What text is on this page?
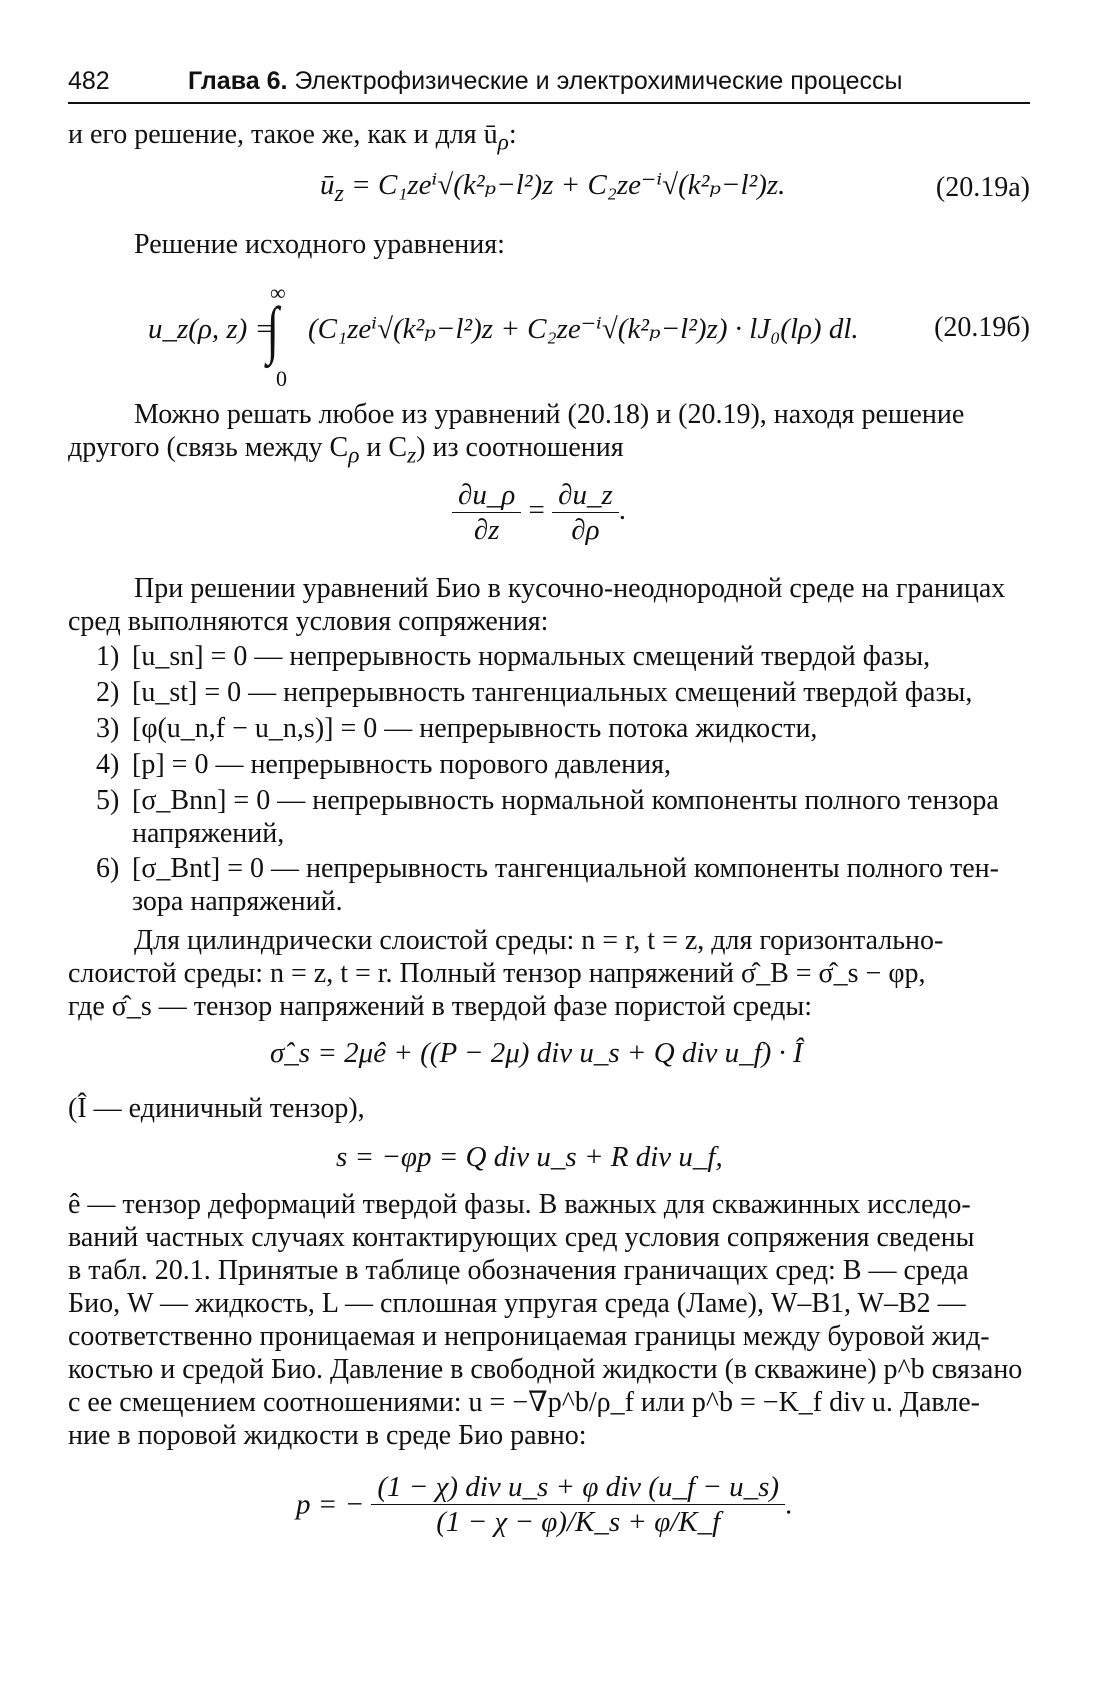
482	Глава 6. Электрофизические и электрохимические процессы
и его решение, такое же, как и для $ū_\rho$:
$ū_z = C_1ze^i√(k^2_p-l^2)z + C_2ze^{-i}√(k^2_p-l^2)z$.	(20.19а)
Решение исходного уравнения:
u_z(ρ, z) =
∞
∫
0
(C₁zeⁱ√(k²ₚ−l²)z + C₂ze⁻ⁱ√(k²ₚ−l²)z) · lJ₀(lρ) dl.	(20.19б)
Можно решать любое из уравнений (20.18) и (20.19), находя решение
другого (связь между $C_\rho$ и $C_z$) из соотношения
$\frac{\partial u\_\rho}{\partial z} = \frac{\partial u\_z}{\partial\rho}$ .
При решении уравнений Био в кусочно-неоднородной среде на границах
сред выполняются условия сопряжения:
1) [u_sn] = 0 — непрерывность нормальных смещений твердой фазы,
2) [u_st] = 0 — непрерывность тангенциальных смещений твердой фазы,
3) [φ(u_n,f − u_n,s)] = 0 — непрерывность потока жидкости,
4) [p] = 0 — непрерывность порового давления,
5) [σ_Bnn] = 0 — непрерывность нормальной компоненты полного тензора
напряжений,
6) [σ_Bnt] = 0 — непрерывность тангенциальной компоненты полного тен-
зора напряжений.
Для цилиндрически слоистой среды: n = r, t = z, для горизонтально-
слоистой среды: n = z, t = r. Полный тензор напряжений σ̂_B = σ̂_s − φp,
где σ̂_s — тензор напряжений в твердой фазе пористой среды:
σ̂_s = 2μê + ((P − 2μ) div u_s + Q div u_f) · Î
(Î — единичный тензор),
s = −φp = Q div u_s + R div u_f,
ê — тензор деформаций твердой фазы. В важных для скважинных исследо-
ваний частных случаях контактирующих сред условия сопряжения сведены
в табл. 20.1. Принятые в таблице обозначения граничащих сред: B — среда
Био, W — жидкость, L — сплошная упругая среда (Ламе), W–B1, W–B2 —
соответственно проницаемая и непроницаемая границы между буровой жид-
костью и средой Био. Давление в свободной жидкости (в скважине) p^b связано
с ее смещением соотношениями: u = −∇p^b/ρ_f или p^b = −K_f div u. Давле-
ние в поровой жидкости в среде Био равно:
p = − $\frac{\text{(1 − χ) div u\_s + φ div (u\_f − u\_s)}}{(1 - \chi - \varphi)/K\_s + \varphi/K\_f}$ .
